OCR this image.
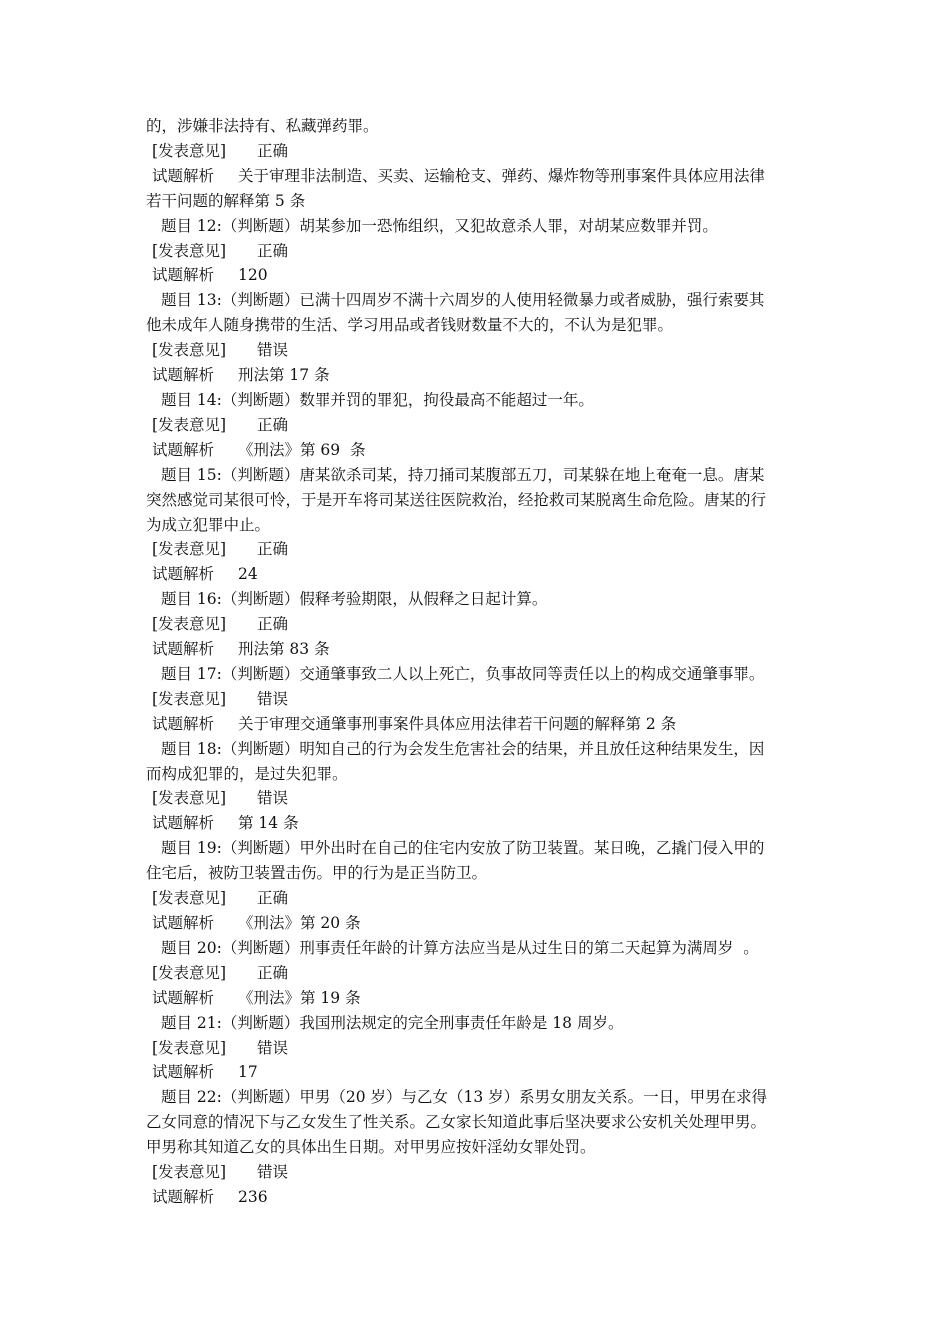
的，涉嫌非法持有、私藏弹药罪。
[发表意见] 正确
试题解析 关于审理非法制造、买卖、运输枪支、弹药、爆炸物等刑事案件具体应用法律
若干问题的解释第 5 条
题目 12:（判断题）胡某参加一恐怖组织，又犯故意杀人罪，对胡某应数罪并罚。
[发表意见] 正确
试题解析 120
题目 13:（判断题）已满十四周岁不满十六周岁的人使用轻微暴力或者威胁，强行索要其
他未成年人随身携带的生活、学习用品或者钱财数量不大的，不认为是犯罪。
[发表意见] 错误
试题解析 刑法第 17 条
题目 14:（判断题）数罪并罚的罪犯，拘役最高不能超过一年。
[发表意见] 正确
试题解析 《刑法》第 69  条
题目 15:（判断题）唐某欲杀司某，持刀捅司某腹部五刀，司某躲在地上奄奄一息。唐某
突然感觉司某很可怜，于是开车将司某送往医院救治，经抢救司某脱离生命危险。唐某的行
为成立犯罪中止。
[发表意见] 正确
试题解析 24
题目 16:（判断题）假释考验期限，从假释之日起计算。
[发表意见] 正确
试题解析 刑法第 83 条
题目 17:（判断题）交通肇事致二人以上死亡，负事故同等责任以上的构成交通肇事罪。
[发表意见] 错误
试题解析 关于审理交通肇事刑事案件具体应用法律若干问题的解释第 2 条
题目 18:（判断题）明知自己的行为会发生危害社会的结果，并且放任这种结果发生，因
而构成犯罪的，是过失犯罪。
[发表意见] 错误
试题解析 第 14 条
题目 19:（判断题）甲外出时在自己的住宅内安放了防卫装置。某日晚，乙撬门侵入甲的
住宅后，被防卫装置击伤。甲的行为是正当防卫。
[发表意见] 正确
试题解析 《刑法》第 20 条
题目 20:（判断题）刑事责任年龄的计算方法应当是从过生日的第二天起算为满周岁  。
[发表意见] 正确
试题解析 《刑法》第 19 条
题目 21:（判断题）我国刑法规定的完全刑事责任年龄是 18 周岁。
[发表意见] 错误
试题解析 17
题目 22:（判断题）甲男（20 岁）与乙女（13 岁）系男女朋友关系。一日，甲男在求得
乙女同意的情况下与乙女发生了性关系。乙女家长知道此事后坚决要求公安机关处理甲男。
甲男称其知道乙女的具体出生日期。对甲男应按奸淫幼女罪处罚。
[发表意见] 错误
试题解析 236
